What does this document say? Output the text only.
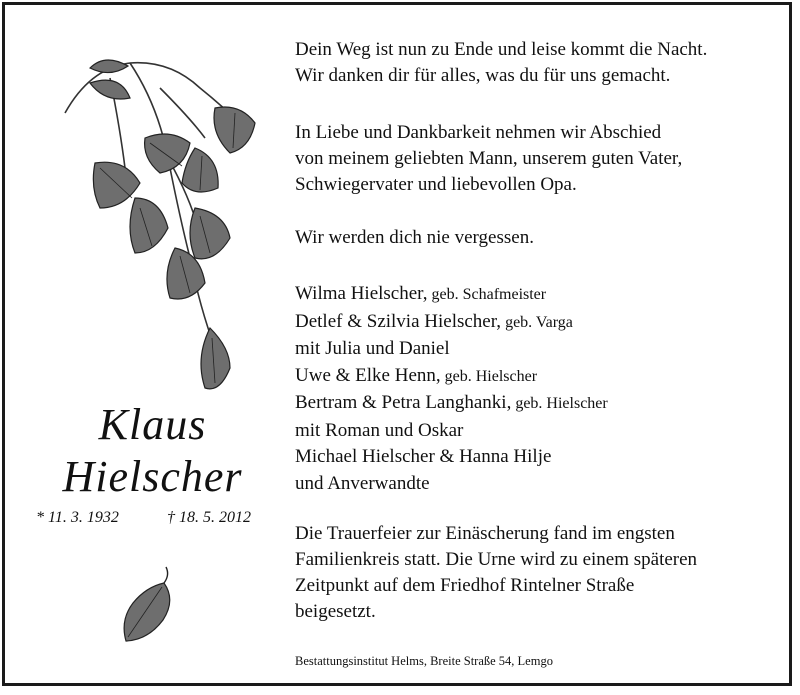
Klaus
Hielscher
* 11. 3. 1932	† 18. 5. 2012
Dein Weg ist nun zu Ende und leise kommt die Nacht.
Wir danken dir für alles, was du für uns gemacht.
In Liebe und Dankbarkeit nehmen wir Abschied
von meinem geliebten Mann, unserem guten Vater,
Schwiegervater und liebevollen Opa.
Wir werden dich nie vergessen.
Wilma Hielscher, geb. Schafmeister
Detlef & Szilvia Hielscher, geb. Varga
mit Julia und Daniel
Uwe & Elke Henn, geb. Hielscher
Bertram & Petra Langhanki, geb. Hielscher
mit Roman und Oskar
Michael Hielscher & Hanna Hilje
und Anverwandte
Die Trauerfeier zur Einäscherung fand im engsten
Familienkreis statt. Die Urne wird zu einem späteren
Zeitpunkt auf dem Friedhof Rintelner Straße
beigesetzt.
Bestattungsinstitut Helms, Breite Straße 54, Lemgo
